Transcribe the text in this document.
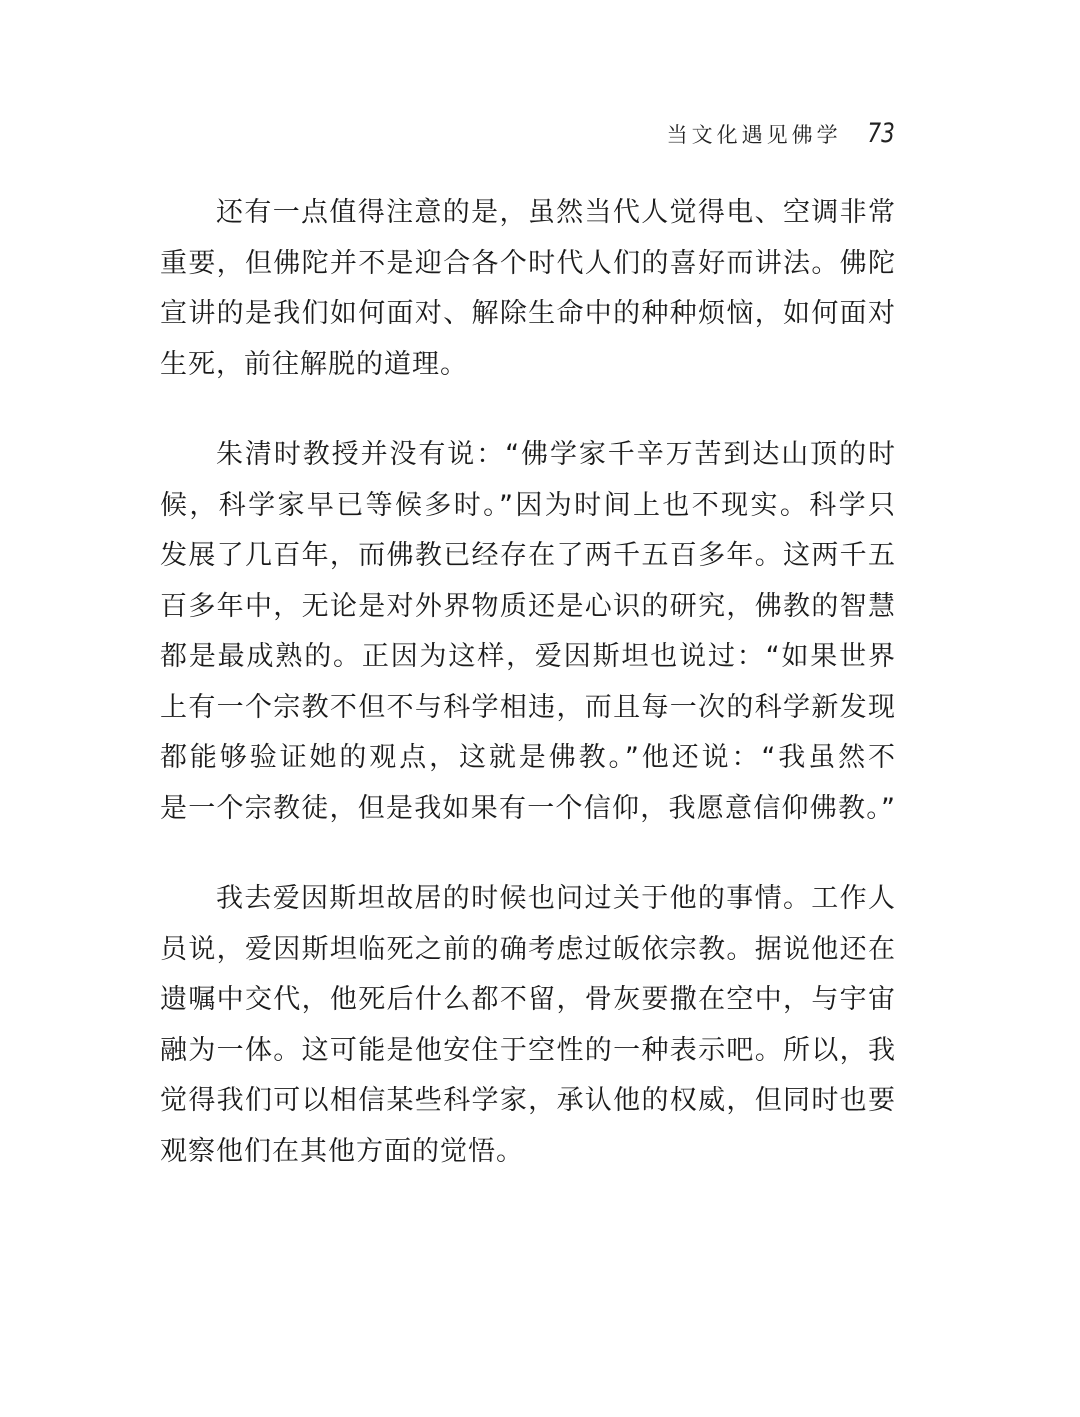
当文化遇见佛学 73

还有一点值得注意的是，虽然当代人觉得电、空调非常
重要，但佛陀并不是迎合各个时代人们的喜好而讲法。佛陀
宣讲的是我们如何面对、解除生命中的种种烦恼，如何面对
生死，前往解脱的道理。

朱清时教授并没有说：“佛学家千辛万苦到达山顶的时
候，科学家早已等候多时。”因为时间上也不现实。科学只
发展了几百年，而佛教已经存在了两千五百多年。这两千五
百多年中，无论是对外界物质还是心识的研究，佛教的智慧
都是最成熟的。正因为这样，爱因斯坦也说过：“如果世界
上有一个宗教不但不与科学相违，而且每一次的科学新发现
都能够验证她的观点，这就是佛教。”他还说：“我虽然不
是一个宗教徒，但是我如果有一个信仰，我愿意信仰佛教。”

我去爱因斯坦故居的时候也问过关于他的事情。工作人
员说，爱因斯坦临死之前的确考虑过皈依宗教。据说他还在
遗嘱中交代，他死后什么都不留，骨灰要撒在空中，与宇宙
融为一体。这可能是他安住于空性的一种表示吧。所以，我
觉得我们可以相信某些科学家，承认他的权威，但同时也要
观察他们在其他方面的觉悟。
